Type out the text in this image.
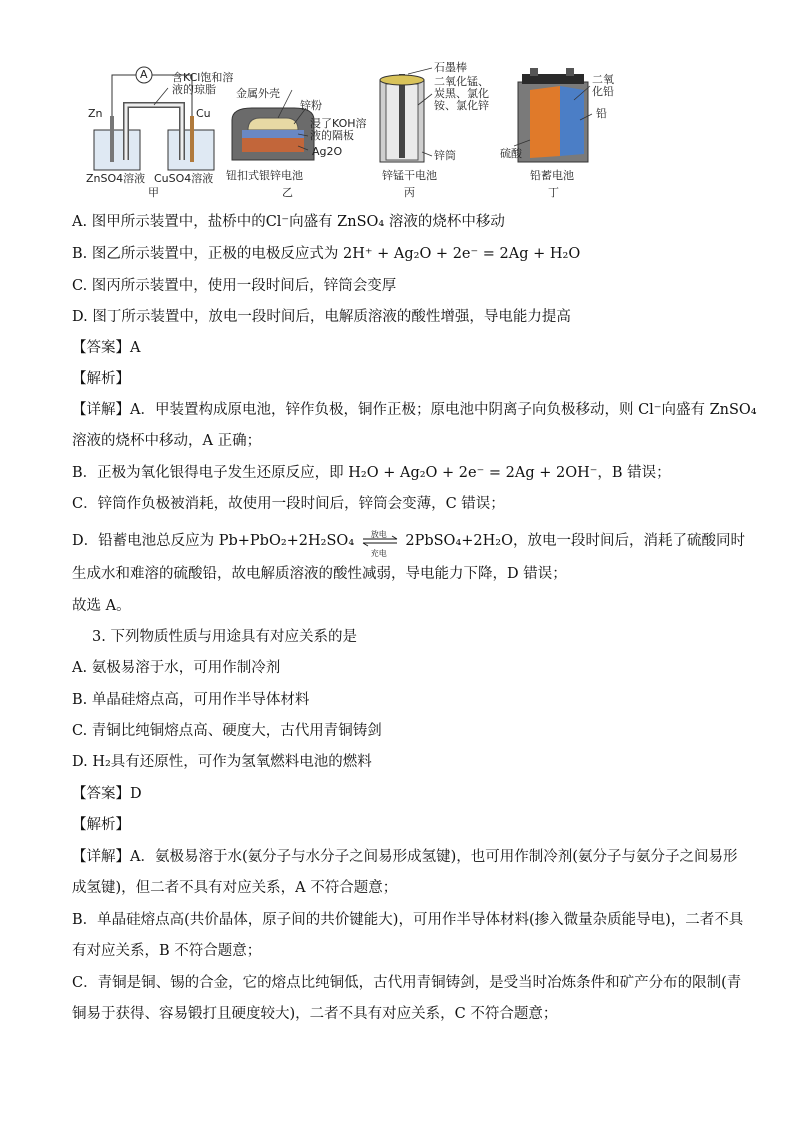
A 含KCl饱和溶液的琼脂
Zn	Cu
ZnSO4溶液 CuSO4溶液
甲
金属外壳
锌粉
浸了KOH溶液的隔板
Ag2O
钮扣式银锌电池
乙
石墨棒
二氧化锰、炭黑、氯化铵、氯化锌
锌筒
锌锰干电池
丙
二氧化铅
铅
硫酸
铅蓄电池
丁
A. 图甲所示装置中，盐桥中的Cl⁻向盛有 ZnSO₄ 溶液的烧杯中移动
B. 图乙所示装置中，正极的电极反应式为 2H⁺ + Ag₂O + 2e⁻ = 2Ag + H₂O
C. 图丙所示装置中，使用一段时间后，锌筒会变厚
D. 图丁所示装置中，放电一段时间后，电解质溶液的酸性增强，导电能力提高
【答案】A
【解析】
【详解】A．甲装置构成原电池，锌作负极，铜作正极；原电池中阴离子向负极移动，则 Cl⁻向盛有 ZnSO₄
溶液的烧杯中移动，A 正确；
B．正极为氧化银得电子发生还原反应，即 H₂O + Ag₂O + 2e⁻ = 2Ag + 2OH⁻，B 错误；
C．锌筒作负极被消耗，故使用一段时间后，锌筒会变薄，C 错误；
D．铅蓄电池总反应为 Pb+PbO₂+2H₂SO₄ 放电
充电
2PbSO₄+2H₂O，放电一段时间后，消耗了硫酸同时
生成水和难溶的硫酸铅，故电解质溶液的酸性减弱，导电能力下降，D 错误；
故选 A。
3. 下列物质性质与用途具有对应关系的是
A. 氨极易溶于水，可用作制冷剂
B. 单晶硅熔点高，可用作半导体材料
C. 青铜比纯铜熔点高、硬度大，古代用青铜铸剑
D. H₂具有还原性，可作为氢氧燃料电池的燃料
【答案】D
【解析】
【详解】A．氨极易溶于水(氨分子与水分子之间易形成氢键)，也可用作制冷剂(氨分子与氨分子之间易形
成氢键)，但二者不具有对应关系，A 不符合题意；
B．单晶硅熔点高(共价晶体，原子间的共价键能大)，可用作半导体材料(掺入微量杂质能导电)，二者不具
有对应关系，B 不符合题意；
C．青铜是铜、锡的合金，它的熔点比纯铜低，古代用青铜铸剑，是受当时冶炼条件和矿产分布的限制(青
铜易于获得、容易锻打且硬度较大)，二者不具有对应关系，C 不符合题意；
